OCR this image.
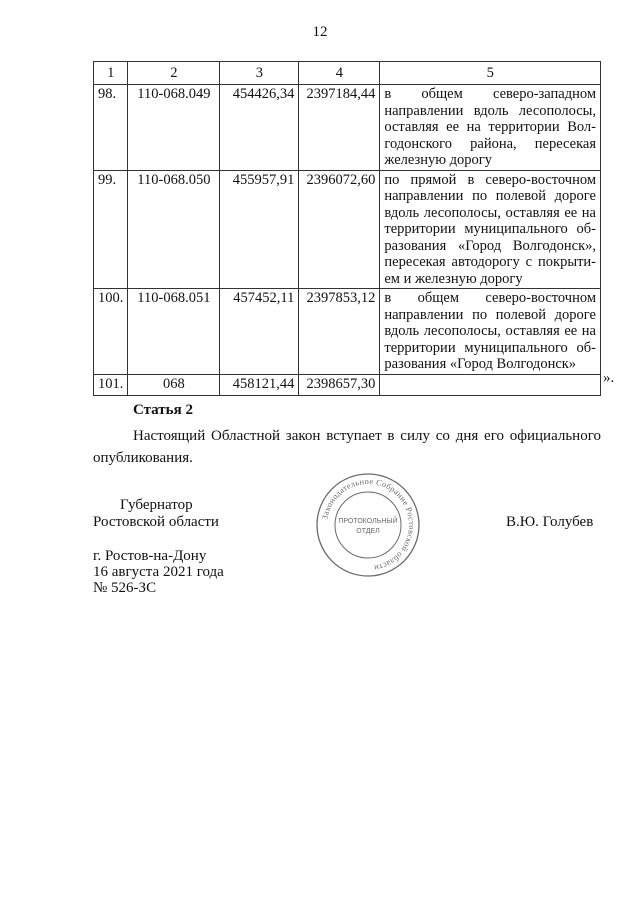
12
1	2	3	4	5
98.	110-068.049	454426,34	2397184,44	в общем северо-западном направлении вдоль лесополосы, оставляя ее на территории Вол-годонского района, пересекая железную дорогу
99.	110-068.050	455957,91	2396072,60	по прямой в северо-восточном направлении по полевой дороге вдоль лесополосы, оставляя ее на территории муниципального об-разования «Город Волгодонск», пересекая автодорогу с покрыти-ем и железную дорогу
100.	110-068.051	457452,11	2397853,12	в общем северо-восточном направлении по полевой дороге вдоль лесополосы, оставляя ее на территории муниципального об-разования «Город Волгодонск»
101.	068	458121,44	2398657,30		».
Статья 2
Настоящий Областной закон вступает в силу со дня его официального опубликования.
Губернатор
Ростовской области	В.Ю. Голубев
Законодательное Собрание Ростовской области
ПРОТОКОЛЬНЫЙ
ОТДЕЛ
г. Ростов-на-Дону
16 августа 2021 года
№ 526-ЗС
